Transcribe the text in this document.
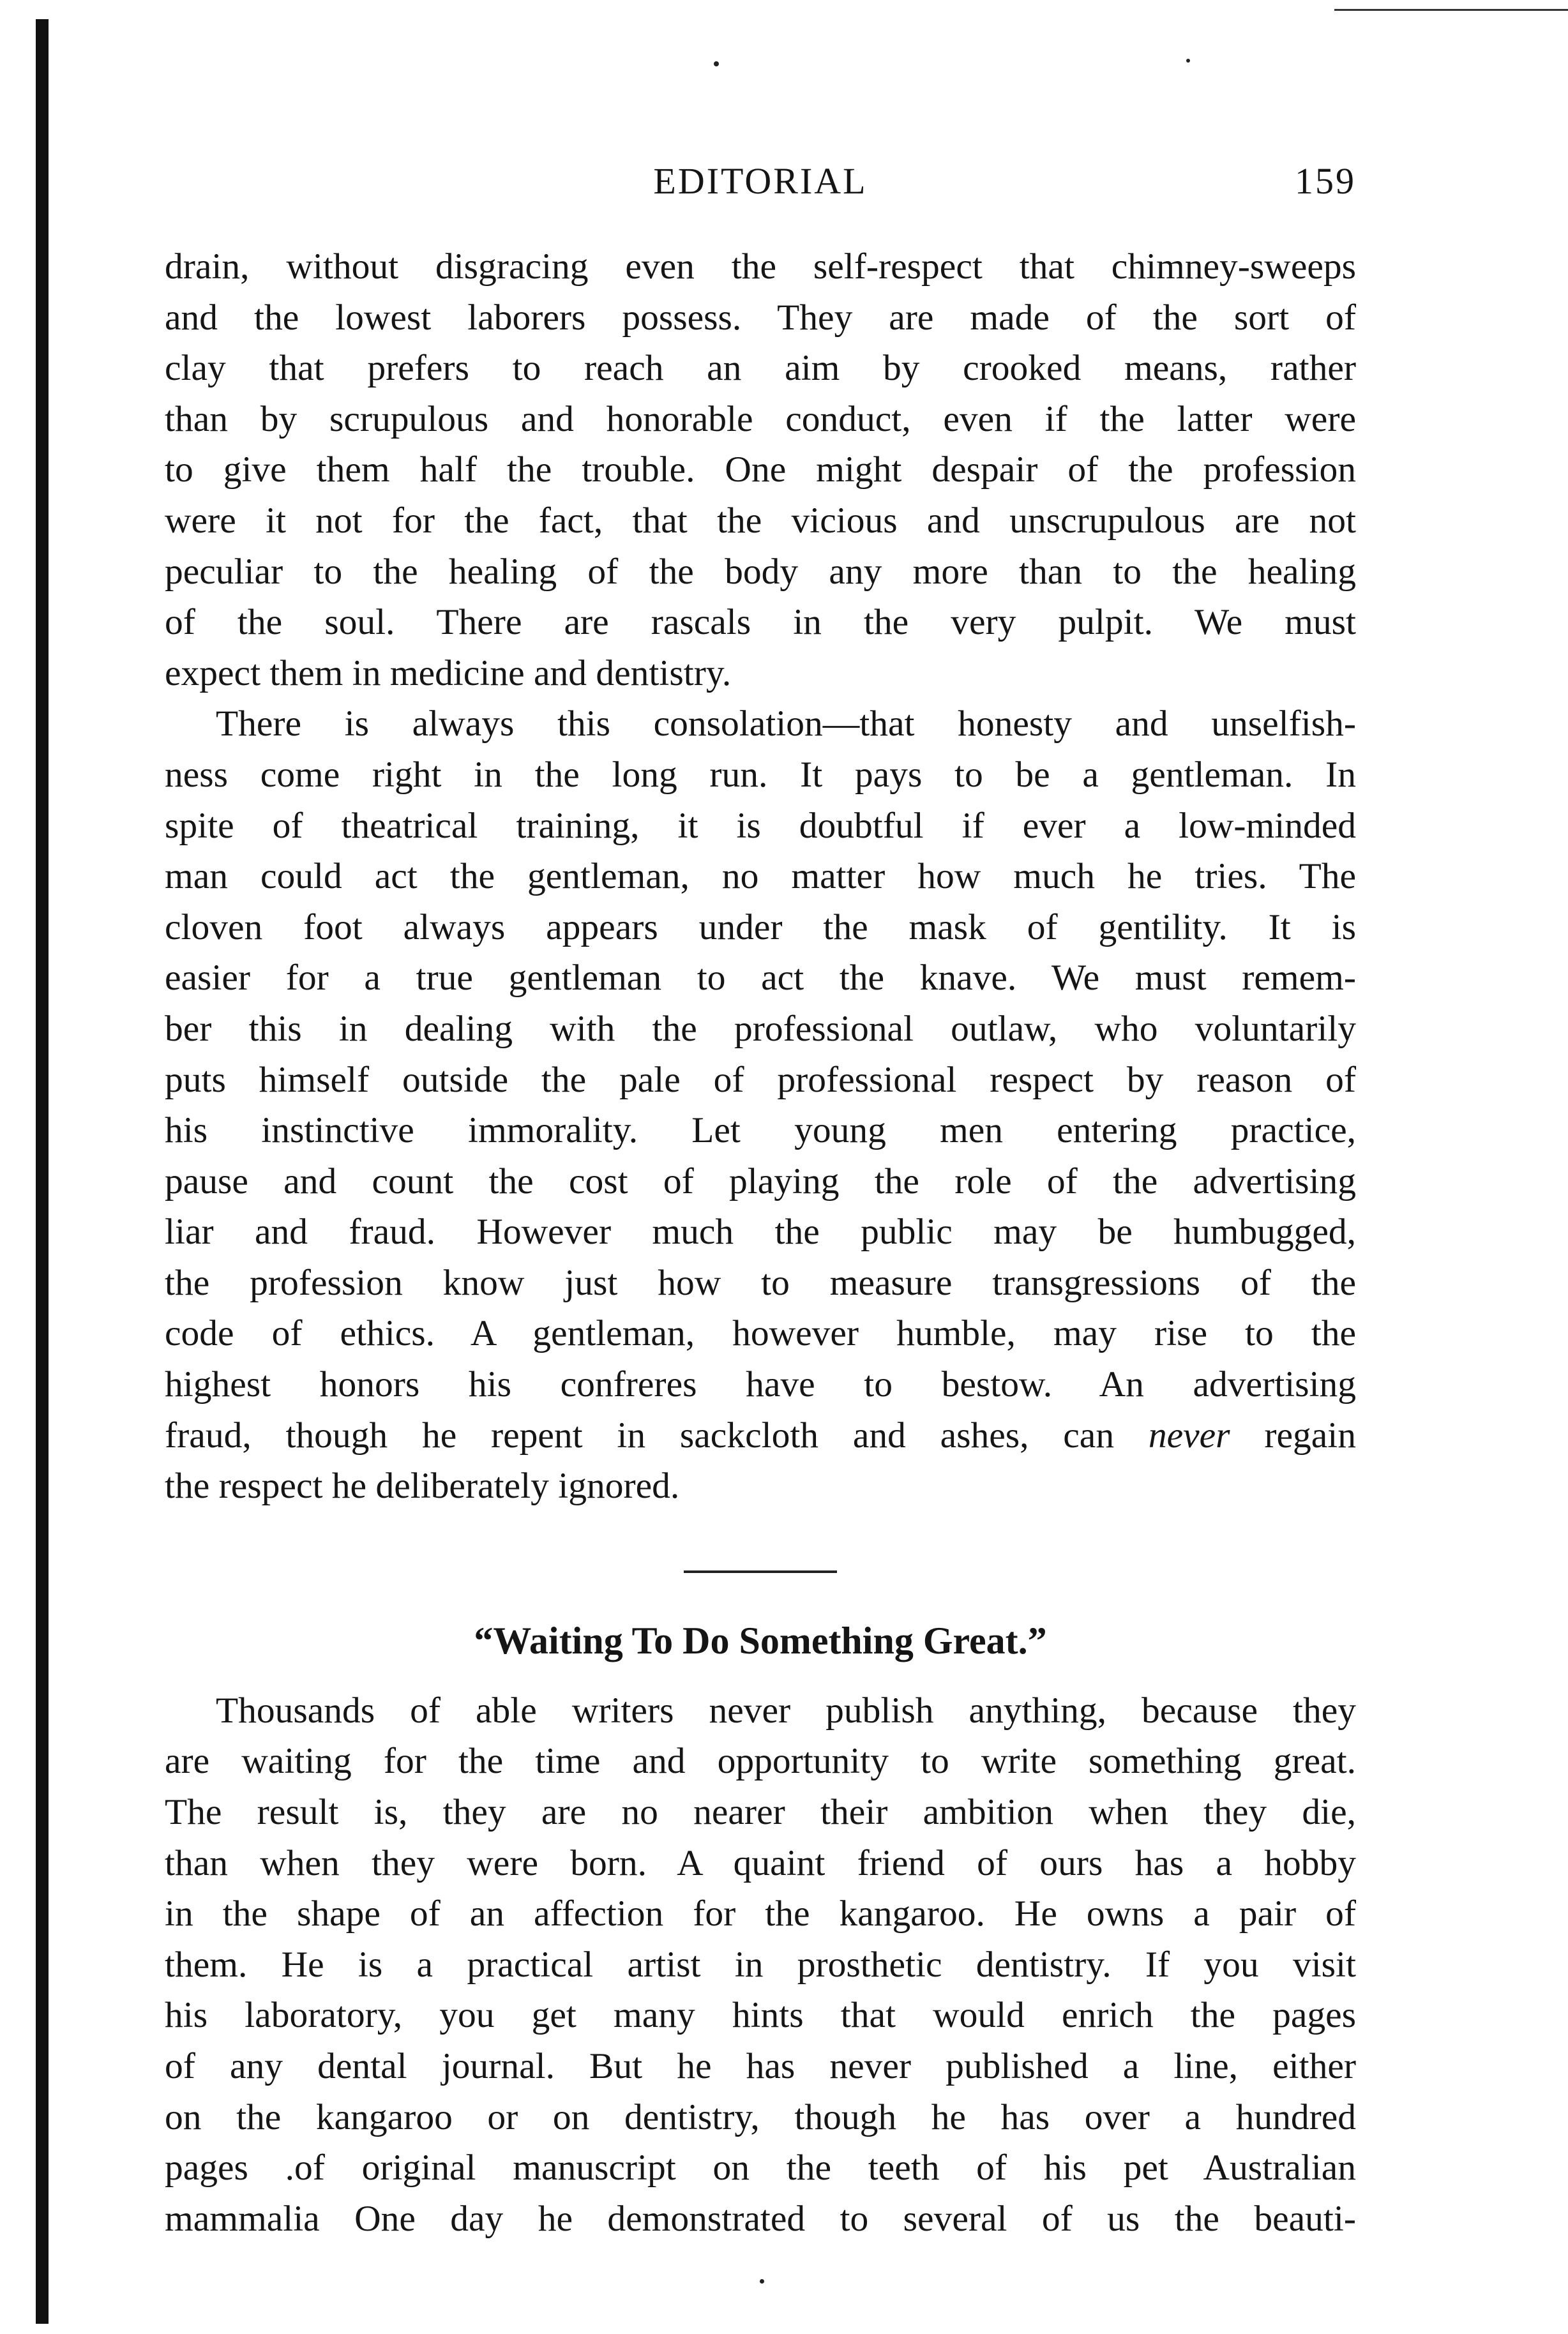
EDITORIAL	159
drain, without disgracing even the self-respect that chimney-sweeps
and the lowest laborers possess. They are made of the sort of
clay that prefers to reach an aim by crooked means, rather
than by scrupulous and honorable conduct, even if the latter were
to give them half the trouble. One might despair of the profession
were it not for the fact, that the vicious and unscrupulous are not
peculiar to the healing of the body any more than to the healing
of the soul. There are rascals in the very pulpit. We must
expect them in medicine and dentistry.
There is always this consolation—that honesty and unselfish-
ness come right in the long run. It pays to be a gentleman. In
spite of theatrical training, it is doubtful if ever a low-minded
man could act the gentleman, no matter how much he tries. The
cloven foot always appears under the mask of gentility. It is
easier for a true gentleman to act the knave. We must remem-
ber this in dealing with the professional outlaw, who voluntarily
puts himself outside the pale of professional respect by reason of
his instinctive immorality. Let young men entering practice,
pause and count the cost of playing the role of the advertising
liar and fraud. However much the public may be humbugged,
the profession know just how to measure transgressions of the
code of ethics. A gentleman, however humble, may rise to the
highest honors his confreres have to bestow. An advertising
fraud, though he repent in sackcloth and ashes, can never regain
the respect he deliberately ignored.
“Waiting To Do Something Great.”
Thousands of able writers never publish anything, because they
are waiting for the time and opportunity to write something great.
The result is, they are no nearer their ambition when they die,
than when they were born. A quaint friend of ours has a hobby
in the shape of an affection for the kangaroo. He owns a pair of
them. He is a practical artist in prosthetic dentistry. If you visit
his laboratory, you get many hints that would enrich the pages
of any dental journal. But he has never published a line, either
on the kangaroo or on dentistry, though he has over a hundred
pages .of original manuscript on the teeth of his pet Australian
mammalia One day he demonstrated to several of us the beauti-
